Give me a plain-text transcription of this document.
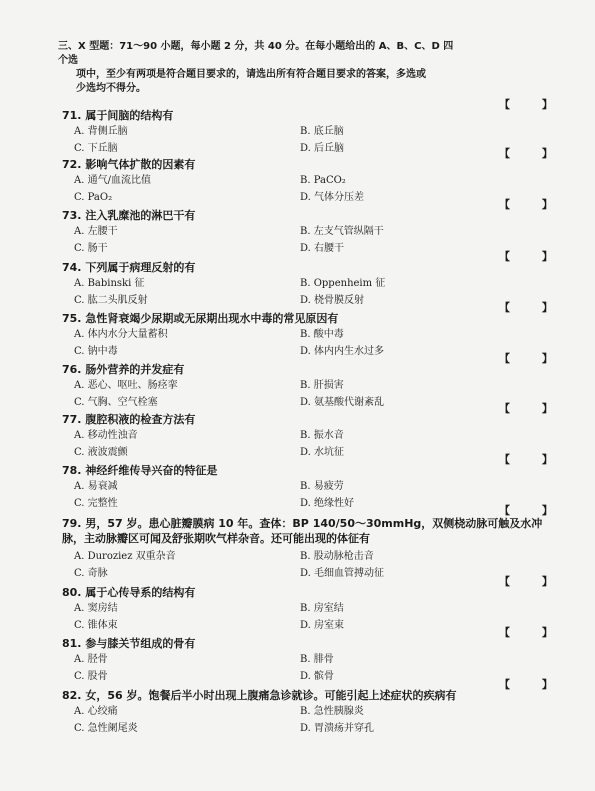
三、X 型题：71～90 小题，每小题 2 分，共 40 分。在每小题给出的 A、B、C、D 四个选
项中，至少有两项是符合题目要求的，请选出所有符合题目要求的答案，多选或
少选均不得分。
71. 属于间脑的结构有
【 】
A. 背侧丘脑	B. 底丘脑
C. 下丘脑	D. 后丘脑
72. 影响气体扩散的因素有
【 】
A. 通气/血流比值	B. PaCO₂
C. PaO₂	D. 气体分压差
73. 注入乳糜池的淋巴干有
【 】
A. 左腰干	B. 左支气管纵隔干
C. 肠干	D. 右腰干
74. 下列属于病理反射的有
【 】
A. Babinski 征	B. Oppenheim 征
C. 肱二头肌反射	D. 桡骨膜反射
75. 急性肾衰竭少尿期或无尿期出现水中毒的常见原因有
【 】
A. 体内水分大量蓄积	B. 酸中毒
C. 钠中毒	D. 体内内生水过多
76. 肠外营养的并发症有
【 】
A. 恶心、呕吐、肠痉挛	B. 肝损害
C. 气胸、空气栓塞	D. 氨基酸代谢紊乱
77. 腹腔积液的检查方法有
【 】
A. 移动性浊音	B. 振水音
C. 液波震颤	D. 水坑征
78. 神经纤维传导兴奋的特征是
【 】
A. 易衰减	B. 易疲劳
C. 完整性	D. 绝缘性好
79. 男，57 岁。患心脏瓣膜病 10 年。查体：BP 140/50～30mmHg，双侧桡动脉可触及水冲脉，主动脉瓣区可闻及舒张期吹气样杂音。还可能出现的体征有
【 】
A. Duroziez 双重杂音	B. 股动脉枪击音
C. 奇脉	D. 毛细血管搏动征
80. 属于心传导系的结构有
【 】
A. 窦房结	B. 房室结
C. 锥体束	D. 房室束
81. 参与膝关节组成的骨有
【 】
A. 胫骨	B. 腓骨
C. 股骨	D. 髌骨
82. 女，56 岁。饱餐后半小时出现上腹痛急诊就诊。可能引起上述症状的疾病有
【 】
A. 心绞痛	B. 急性胰腺炎
C. 急性阑尾炎	D. 胃溃疡并穿孔
